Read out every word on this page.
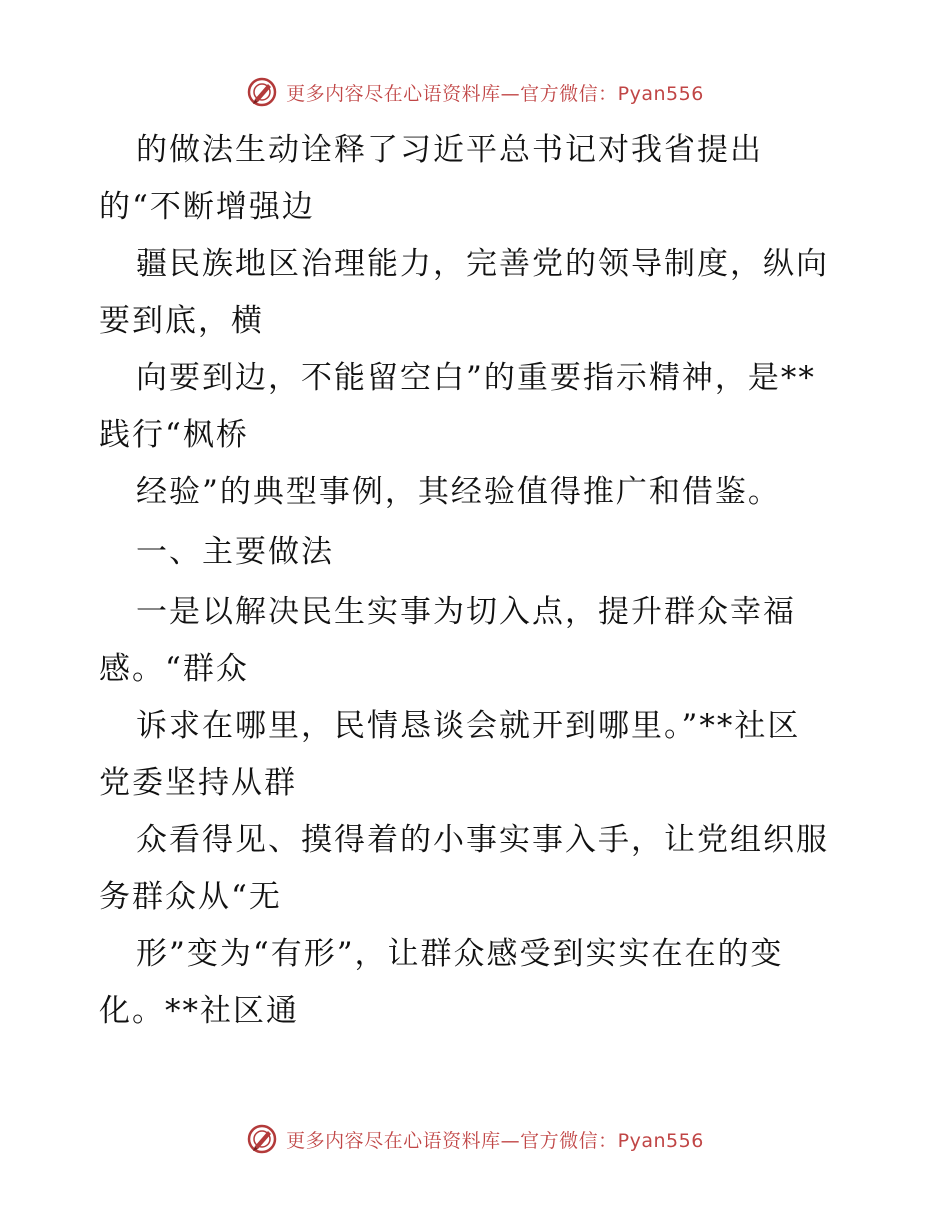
更多内容尽在心语资料库—官方微信：Pyan556
的做法生动诠释了习近平总书记对我省提出
的“不断增强边
疆民族地区治理能力，完善党的领导制度，纵向
要到底，横
向要到边，不能留空白”的重要指示精神，是**
践行“枫桥
经验”的典型事例，其经验值得推广和借鉴。
一、主要做法
一是以解决民生实事为切入点，提升群众幸福
感。“群众
诉求在哪里，民情恳谈会就开到哪里。”**社区
党委坚持从群
众看得见、摸得着的小事实事入手，让党组织服
务群众从“无
形”变为“有形”，让群众感受到实实在在的变
化。**社区通
更多内容尽在心语资料库—官方微信：Pyan556
